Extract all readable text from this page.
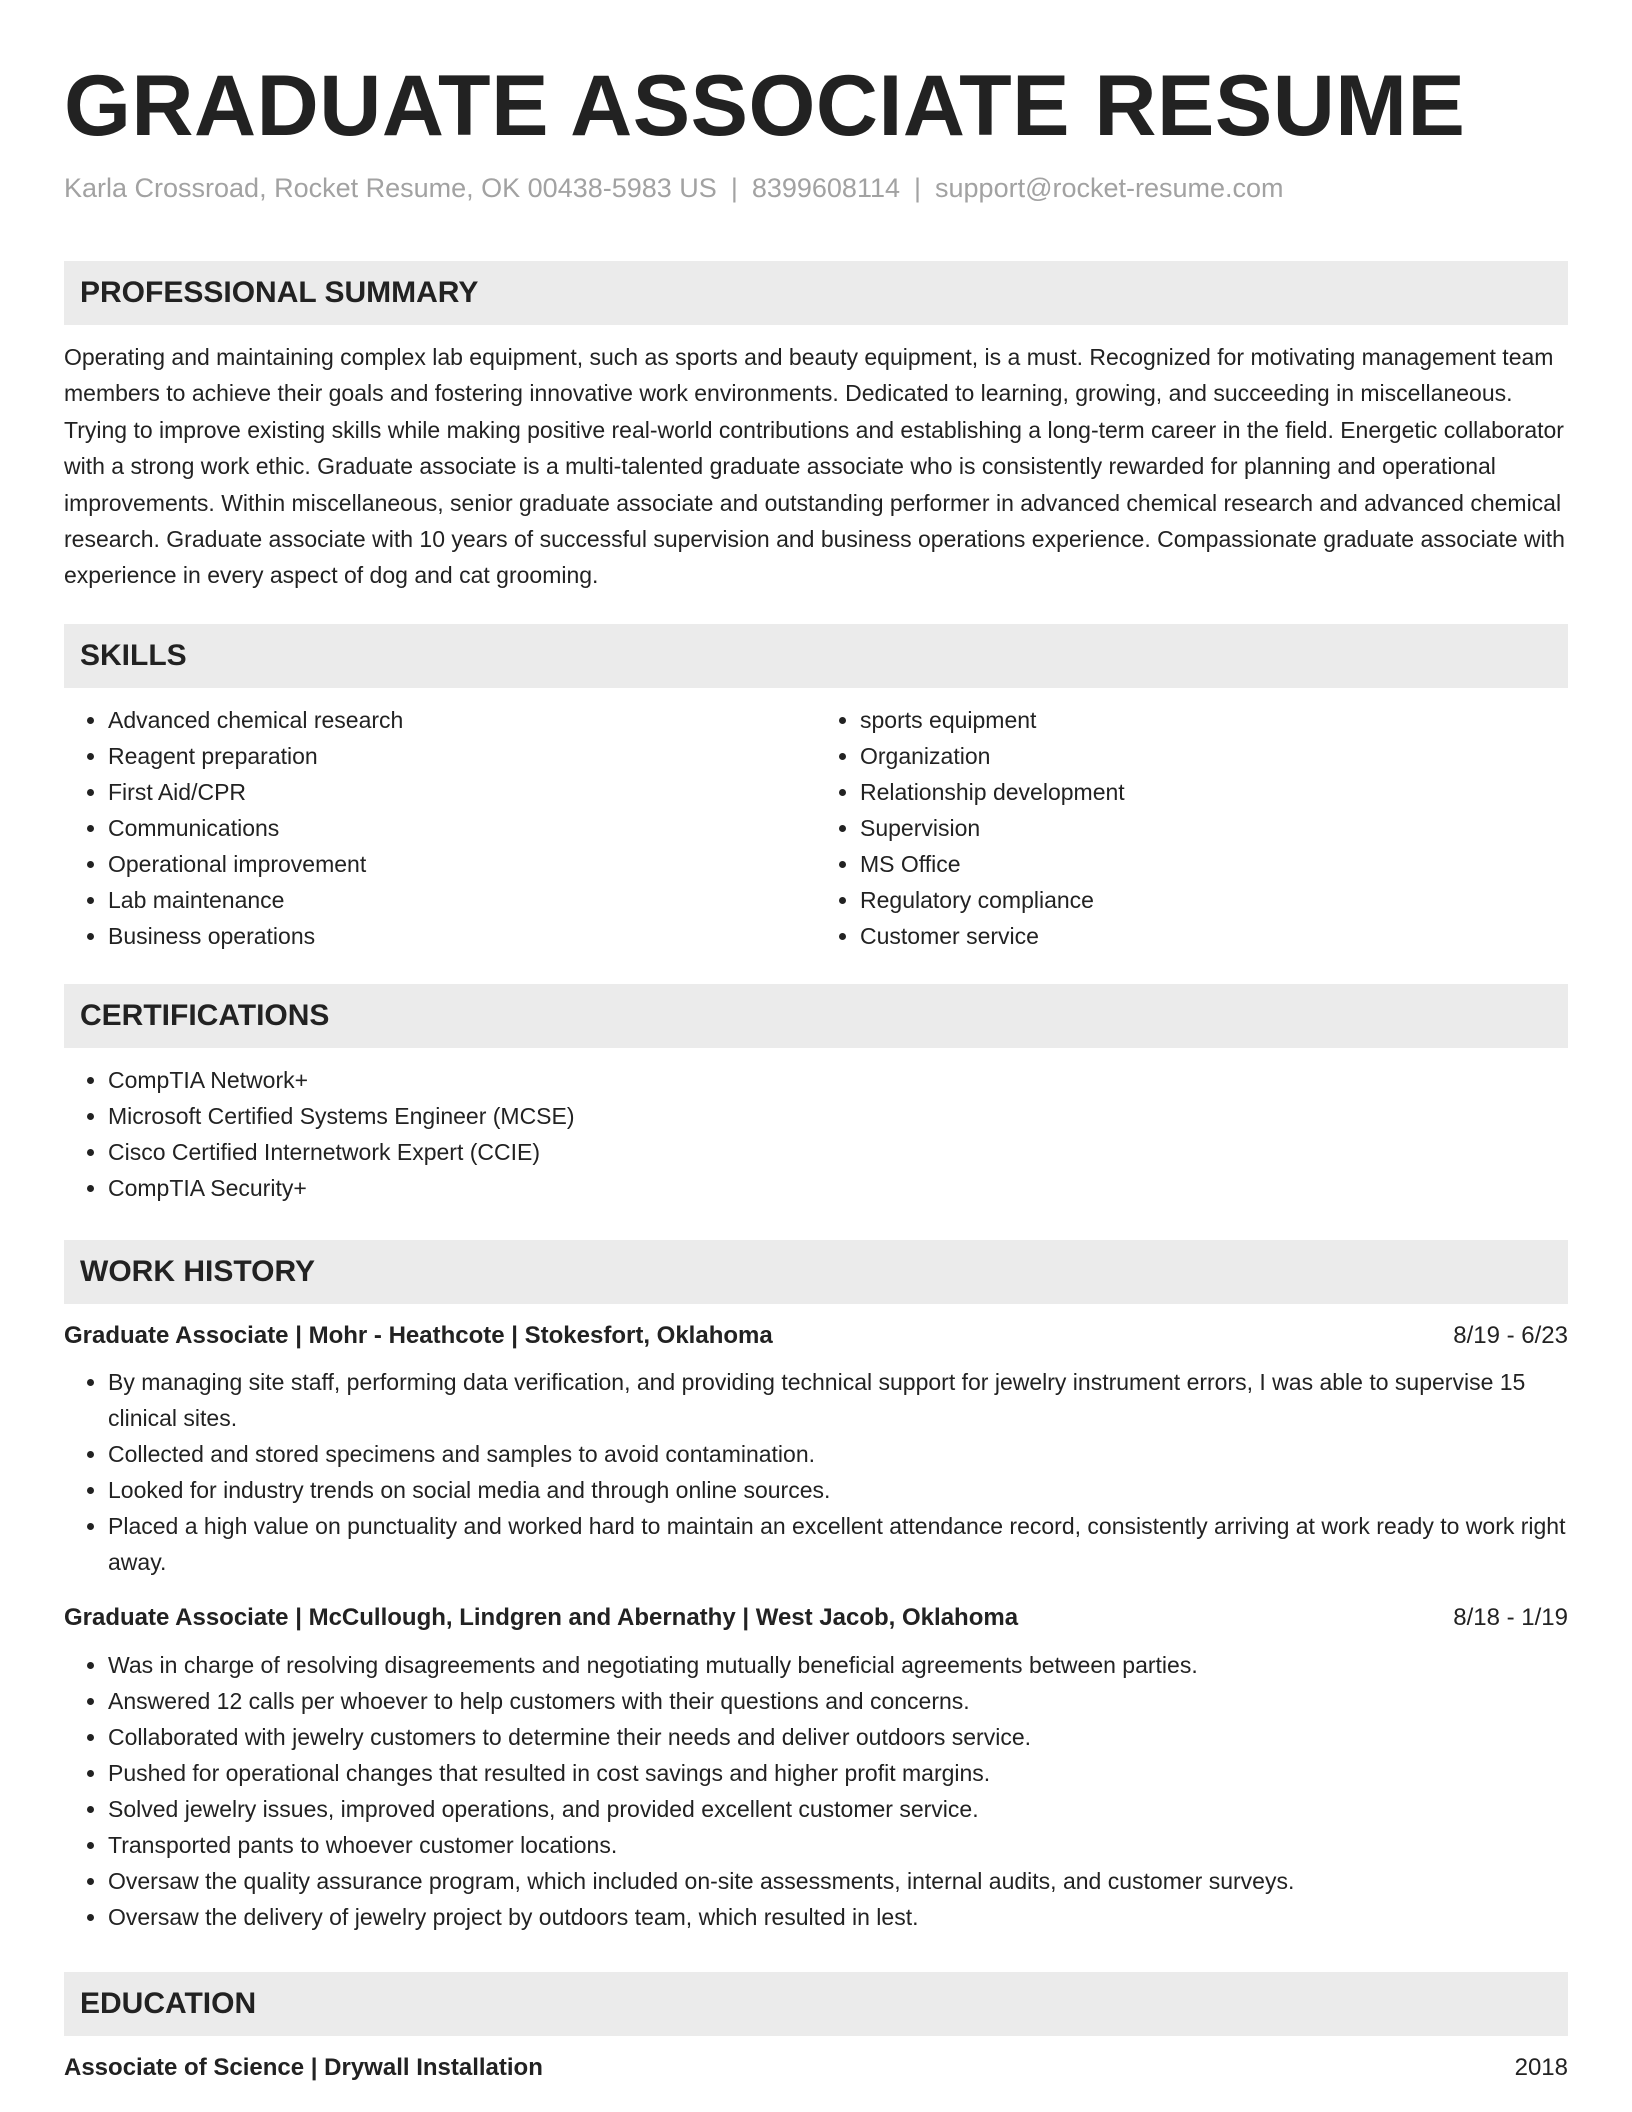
GRADUATE ASSOCIATE RESUME
Karla Crossroad, Rocket Resume, OK 00438-5983 US | 8399608114 | support@rocket-resume.com
PROFESSIONAL SUMMARY

Operating and maintaining complex lab equipment, such as sports and beauty equipment, is a must. Recognized for motivating management team members to achieve their goals and fostering innovative work environments. Dedicated to learning, growing, and succeeding in miscellaneous. Trying to improve existing skills while making positive real-world contributions and establishing a long-term career in the field. Energetic collaborator with a strong work ethic. Graduate associate is a multi-talented graduate associate who is consistently rewarded for planning and operational improvements. Within miscellaneous, senior graduate associate and outstanding performer in advanced chemical research and advanced chemical research. Graduate associate with 10 years of successful supervision and business operations experience. Compassionate graduate associate with experience in every aspect of dog and cat grooming.

SKILLS
• Advanced chemical research
• Reagent preparation
• First Aid/CPR
• Communications
• Operational improvement
• Lab maintenance
• Business operations
• sports equipment
• Organization
• Relationship development
• Supervision
• MS Office
• Regulatory compliance
• Customer service
CERTIFICATIONS
• CompTIA Network+
• Microsoft Certified Systems Engineer (MCSE)
• Cisco Certified Internetwork Expert (CCIE)
• CompTIA Security+
WORK HISTORY
Graduate Associate | Mohr - Heathcote | Stokesfort, Oklahoma	8/19 - 6/23
• By managing site staff, performing data verification, and providing technical support for jewelry instrument errors, I was able to supervise 15 clinical sites.
• Collected and stored specimens and samples to avoid contamination.
• Looked for industry trends on social media and through online sources.
• Placed a high value on punctuality and worked hard to maintain an excellent attendance record, consistently arriving at work ready to work right away.
Graduate Associate | McCullough, Lindgren and Abernathy | West Jacob, Oklahoma	8/18 - 1/19
• Was in charge of resolving disagreements and negotiating mutually beneficial agreements between parties.
• Answered 12 calls per whoever to help customers with their questions and concerns.
• Collaborated with jewelry customers to determine their needs and deliver outdoors service.
• Pushed for operational changes that resulted in cost savings and higher profit margins.
• Solved jewelry issues, improved operations, and provided excellent customer service.
• Transported pants to whoever customer locations.
• Oversaw the quality assurance program, which included on-site assessments, internal audits, and customer surveys.
• Oversaw the delivery of jewelry project by outdoors team, which resulted in lest.
EDUCATION
Associate of Science | Drywall Installation	2018
